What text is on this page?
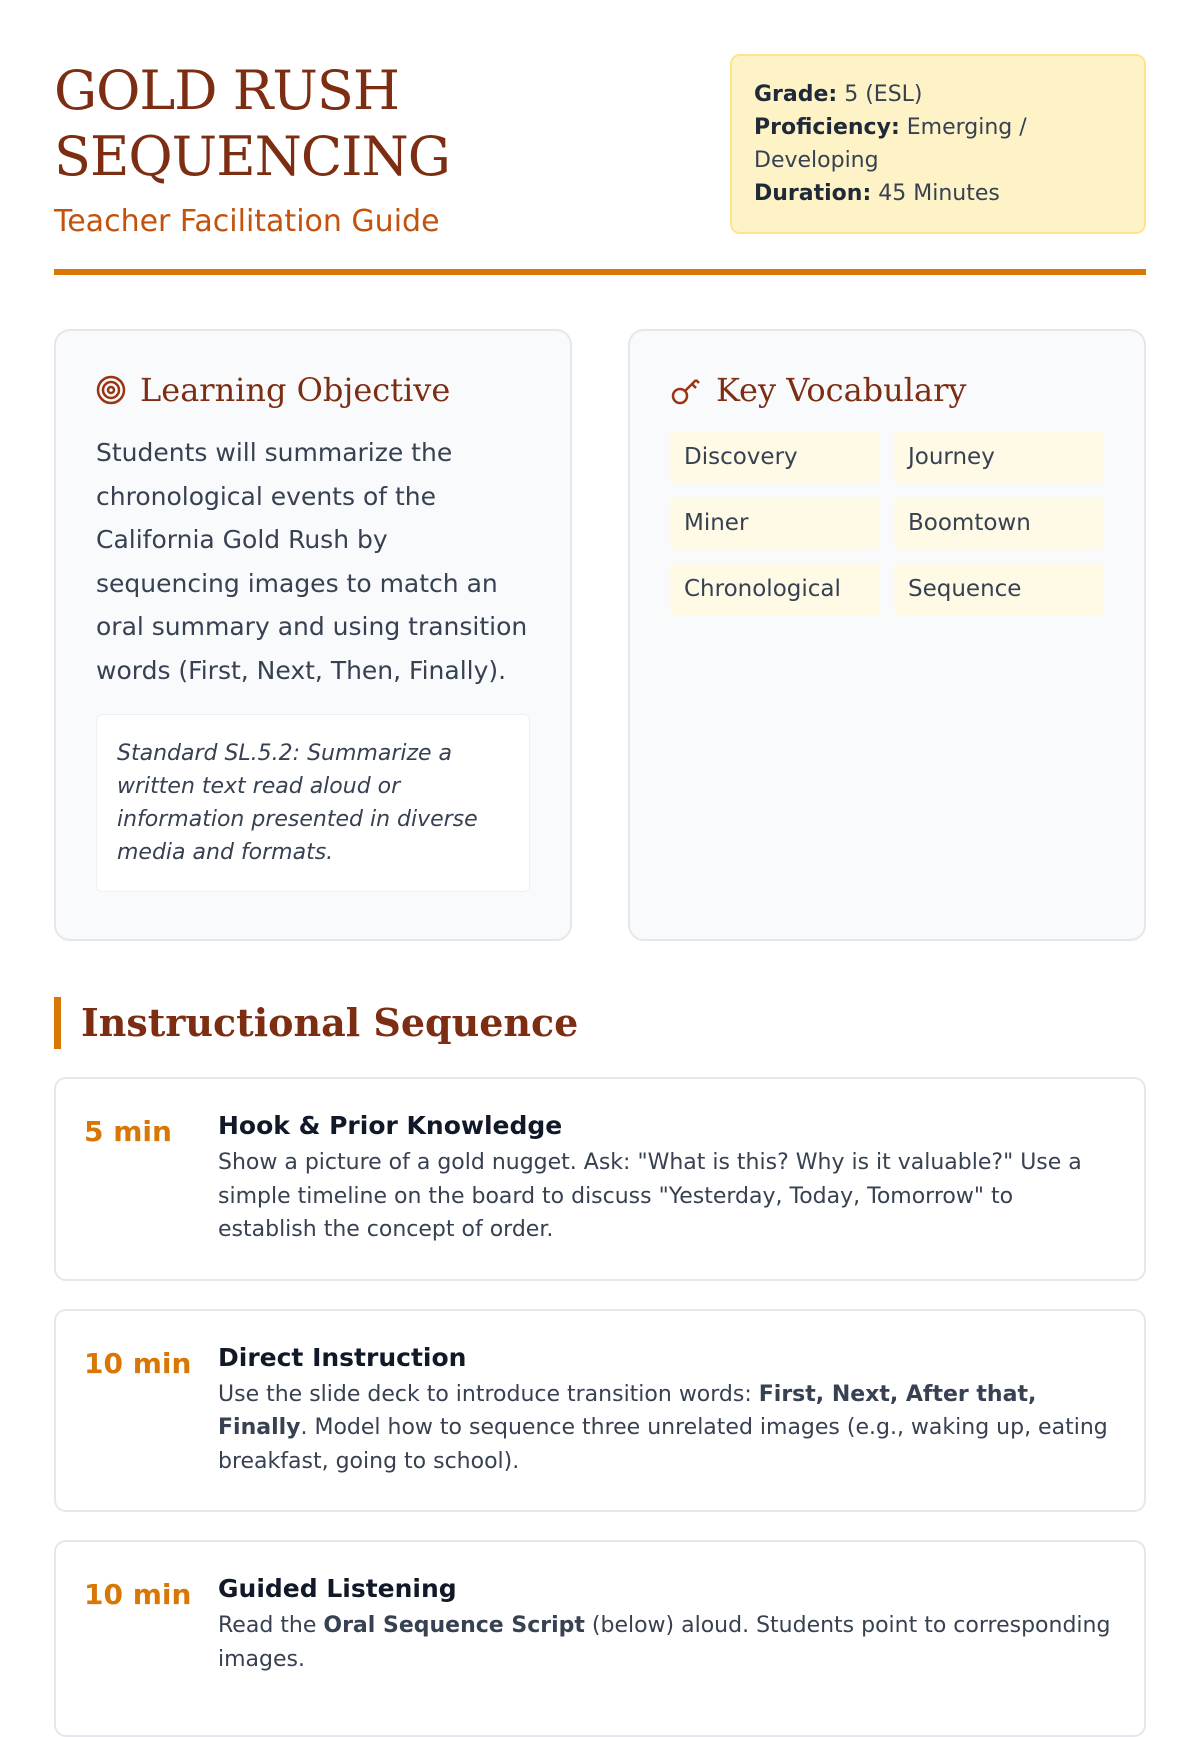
GOLD RUSH
SEQUENCING
Teacher Facilitation Guide
Grade: 5 (ESL)
Proficiency: Emerging / Developing
Duration: 45 Minutes
Learning Objective

Students will summarize the chronological events of the California Gold Rush by sequencing images to match an oral summary and using transition words (First, Next, Then, Finally).

Standard SL.5.2: Summarize a written text read aloud or information presented in diverse media and formats.
Key Vocabulary
Discovery	Journey
Miner	Boomtown
Chronological	Sequence
Instructional Sequence
5 min	Hook & Prior Knowledge

Show a picture of a gold nugget. Ask: "What is this? Why is it valuable?" Use a simple timeline on the board to discuss "Yesterday, Today, Tomorrow" to establish the concept of order.

10 min	Direct Instruction

Use the slide deck to introduce transition words: First, Next, After that, Finally. Model how to sequence three unrelated images (e.g., waking up, eating breakfast, going to school).

10 min	Guided Listening

Read the Oral Sequence Script (below) aloud. Students point to corresponding images.
